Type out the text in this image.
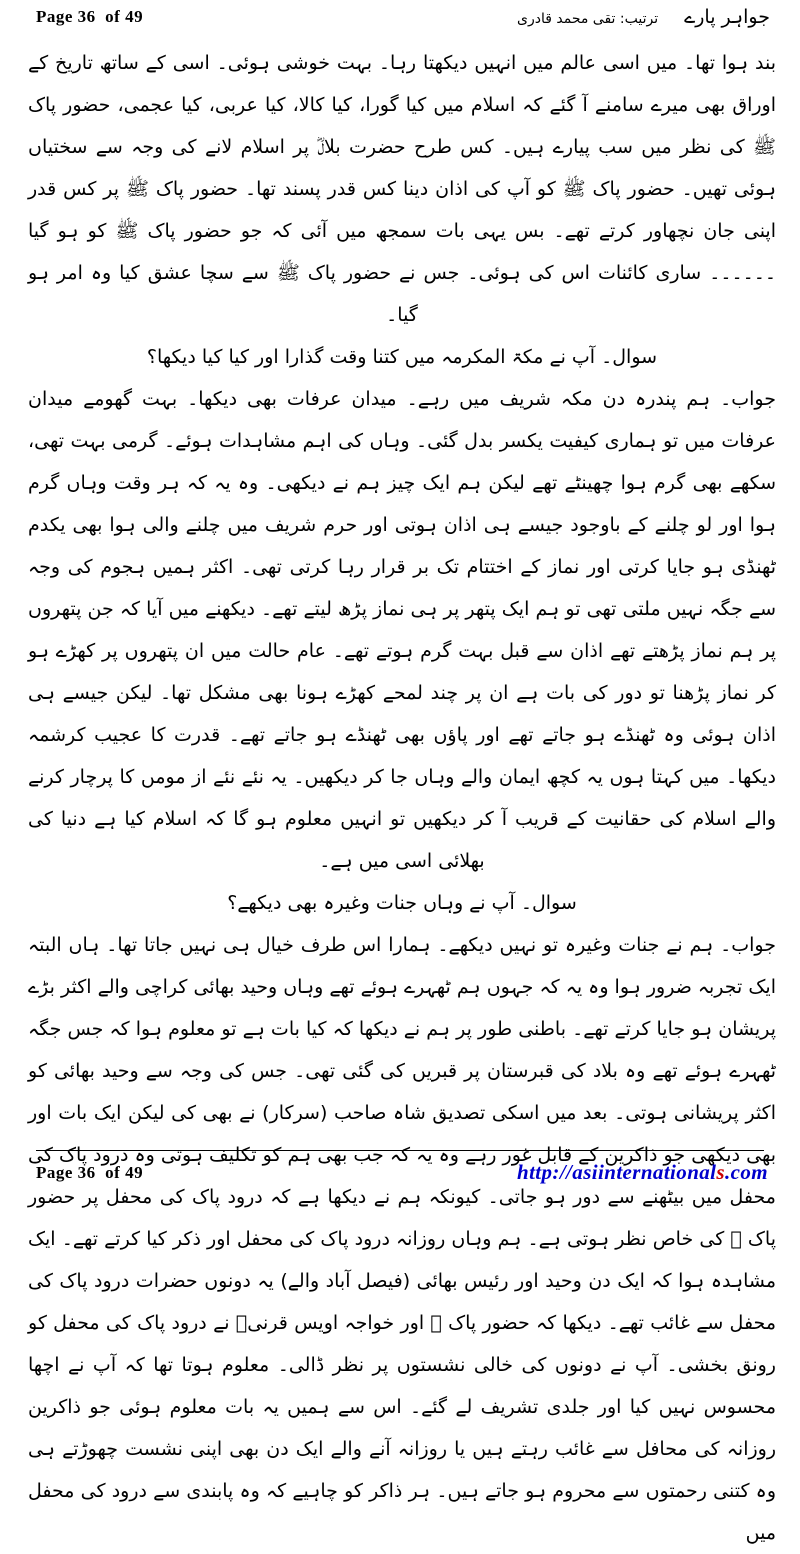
Page 36  of 49	جواہر پارے
ترتیب: تقی محمد قادری

بند ہوا تھا۔ میں اسی عالم میں انہیں دیکھتا رہا۔ بہت خوشی ہوئی۔ اسی کے ساتھ تاریخ کے اوراق بھی میرے سامنے آ گئے کہ اسلام میں کیا گورا، کیا کالا، کیا عربی، کیا عجمی، حضور پاک ﷺ کی نظر میں سب پیارے ہیں۔ کس طرح حضرت بلالؓ پر اسلام لانے کی وجہ سے سختیاں ہوئی تھیں۔ حضور پاک ﷺ کو آپ کی اذان دینا کس قدر پسند تھا۔ حضور پاک ﷺ پر کس قدر اپنی جان نچھاور کرتے تھے۔ بس یہی بات سمجھ میں آئی کہ جو حضور پاک ﷺ کو ہو گیا ۔۔۔۔۔۔ ساری کائنات اس کی ہوئی۔ جس نے حضور پاک ﷺ سے سچا عشق کیا وہ امر ہو گیا۔

سوال۔ آپ نے مکۃ المکرمہ میں کتنا وقت گذارا اور کیا کیا دیکھا؟

جواب۔ ہم پندرہ دن مکہ شریف میں رہے۔ میدان عرفات بھی دیکھا۔ بہت گھومے میدان عرفات میں تو ہماری کیفیت یکسر بدل گئی۔ وہاں کی اہم مشاہدات ہوئے۔ گرمی بہت تھی، سکھے بھی گرم ہوا چھینٹے تھے لیکن ہم ایک چیز ہم نے دیکھی۔ وہ یہ کہ ہر وقت وہاں گرم ہوا اور لو چلنے کے باوجود جیسے ہی اذان ہوتی اور حرم شریف میں چلنے والی ہوا بھی یکدم ٹھنڈی ہو جایا کرتی اور نماز کے اختتام تک بر قرار رہا کرتی تھی۔ اکثر ہمیں ہجوم کی وجہ سے جگہ نہیں ملتی تھی تو ہم ایک پتھر پر ہی نماز پڑھ لیتے تھے۔ دیکھنے میں آیا کہ جن پتھروں پر ہم نماز پڑھتے تھے اذان سے قبل بہت گرم ہوتے تھے۔ عام حالت میں ان پتھروں پر کھڑے ہو کر نماز پڑھنا تو دور کی بات ہے ان پر چند لمحے کھڑے ہونا بھی مشکل تھا۔ لیکن جیسے ہی اذان ہوئی وہ ٹھنڈے ہو جاتے تھے اور پاؤں بھی ٹھنڈے ہو جاتے تھے۔ قدرت کا عجیب کرشمہ دیکھا۔ میں کہتا ہوں یہ کچھ ایمان والے وہاں جا کر دیکھیں۔ یہ نئے نئے از مومں کا پرچار کرنے والے اسلام کی حقانیت کے قریب آ کر دیکھیں تو انہیں معلوم ہو گا کہ اسلام کیا ہے دنیا کی بھلائی اسی میں ہے۔

سوال۔ آپ نے وہاں جنات وغیرہ بھی دیکھے؟

جواب۔ ہم نے جنات وغیرہ تو نہیں دیکھے۔ ہمارا اس طرف خیال ہی نہیں جاتا تھا۔ ہاں البتہ ایک تجربہ ضرور ہوا وہ یہ کہ جہوں ہم ٹھہرے ہوئے تھے وہاں وحید بھائی کراچی والے اکثر بڑے پریشان ہو جایا کرتے تھے۔ باطنی طور پر ہم نے دیکھا کہ کیا بات ہے تو معلوم ہوا کہ جس جگہ ٹھہرے ہوئے تھے وہ بلاد کی قبرستان پر قبریں کی گئی تھی۔ جس کی وجہ سے وحید بھائی کو اکثر پریشانی ہوتی۔ بعد میں اسکی تصدیق شاہ صاحب (سرکار) نے بھی کی لیکن ایک بات اور بھی دیکھی جو ذاکرین کے قابل غور رہے وہ یہ کہ جب بھی ہم کو تکلیف ہوتی وہ درود پاک کی محفل میں بیٹھنے سے دور ہو جاتی۔ کیونکہ ہم نے دیکھا ہے کہ درود پاک کی محفل پر حضور پاک ﷺ کی خاص نظر ہوتی ہے۔ ہم وہاں روزانہ درود پاک کی محفل اور ذکر کیا کرتے تھے۔ ایک مشاہدہ ہوا کہ ایک دن وحید اور رئیس بھائی (فیصل آباد والے) یہ دونوں حضرات درود پاک کی محفل سے غائب تھے۔ دیکھا کہ حضور پاک ﷺ اور خواجہ اویس قرنیؒ نے درود پاک کی محفل کو رونق بخشی۔ آپ نے دونوں کی خالی نشستوں پر نظر ڈالی۔ معلوم ہوتا تھا کہ آپ نے اچھا محسوس نہیں کیا اور جلدی تشریف لے گئے۔ اس سے ہمیں یہ بات معلوم ہوئی جو ذاکرین روزانہ کی محافل سے غائب رہتے ہیں یا روزانہ آنے والے ایک دن بھی اپنی نشست چھوڑتے ہی وہ کتنی رحمتوں سے محروم ہو جاتے ہیں۔ ہر ذاکر کو چاہیے کہ وہ پابندی سے درود کی محفل میں

Page 36  of 49	http://asiinternationals.com
